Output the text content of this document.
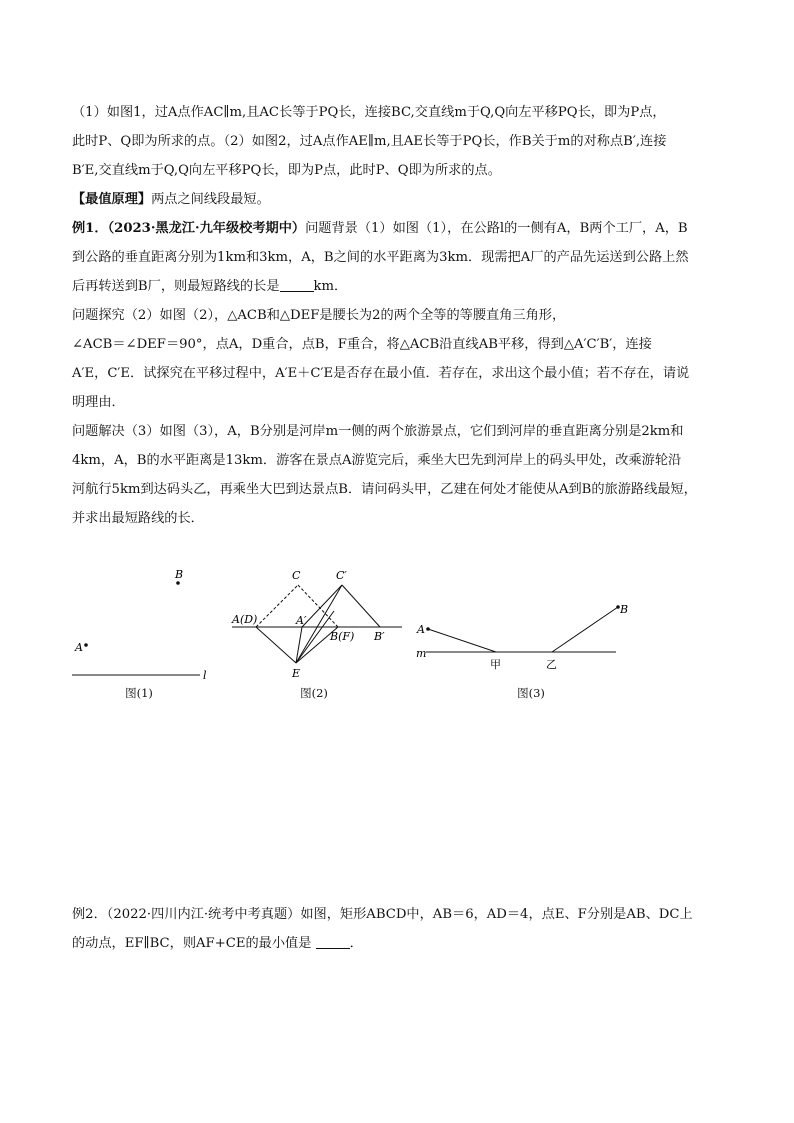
（1）如图1，过A点作AC∥m,且AC长等于PQ长，连接BC,交直线m于Q,Q向左平移PQ长，即为P点，

此时P、Q即为所求的点。（2）如图2，过A点作AE∥m,且AE长等于PQ长，作B关于m的对称点B′,连接

B′E,交直线m于Q,Q向左平移PQ长，即为P点，此时P、Q即为所求的点。

【最值原理】两点之间线段最短。

例1．（2023·黑龙江·九年级校考期中）问题背景（1）如图（1），在公路l的一侧有A，B两个工厂，A，B

到公路的垂直距离分别为1km和3km，A，B之间的水平距离为3km．现需把A厂的产品先运送到公路上然

后再转送到B厂，则最短路线的长是	km．

问题探究（2）如图（2），△ACB和△DEF是腰长为2的两个全等的等腰直角三角形，

∠ACB＝∠DEF＝90°，点A，D重合，点B，F重合，将△ACB沿直线AB平移，得到△A′C′B′，连接

A′E，C′E．试探究在平移过程中，A′E＋C′E是否存在最小值．若存在，求出这个最小值；若不存在，请说

明理由．

问题解决（3）如图（3），A，B分别是河岸m一侧的两个旅游景点，它们到河岸的垂直距离分别是2km和

4km，A，B的水平距离是13km．游客在景点A游览完后，乘坐大巴先到河岸上的码头甲处，改乘游轮沿

河航行5km到达码头乙，再乘坐大巴到达景点B．请问码头甲，乙建在何处才能使从A到B的旅游路线最短，

并求出最短路线的长．

B
A
l
图(1)
C	C′
A(D)	A′
B(F) B′
E
图(2)
m
A
B
甲	乙
图(3)

例2．（2022·四川内江·统考中考真题）如图，矩形ABCD中，AB＝6，AD＝4，点E、F分别是AB、DC上

的动点，EF∥BC，则AF+CE的最小值是	．
